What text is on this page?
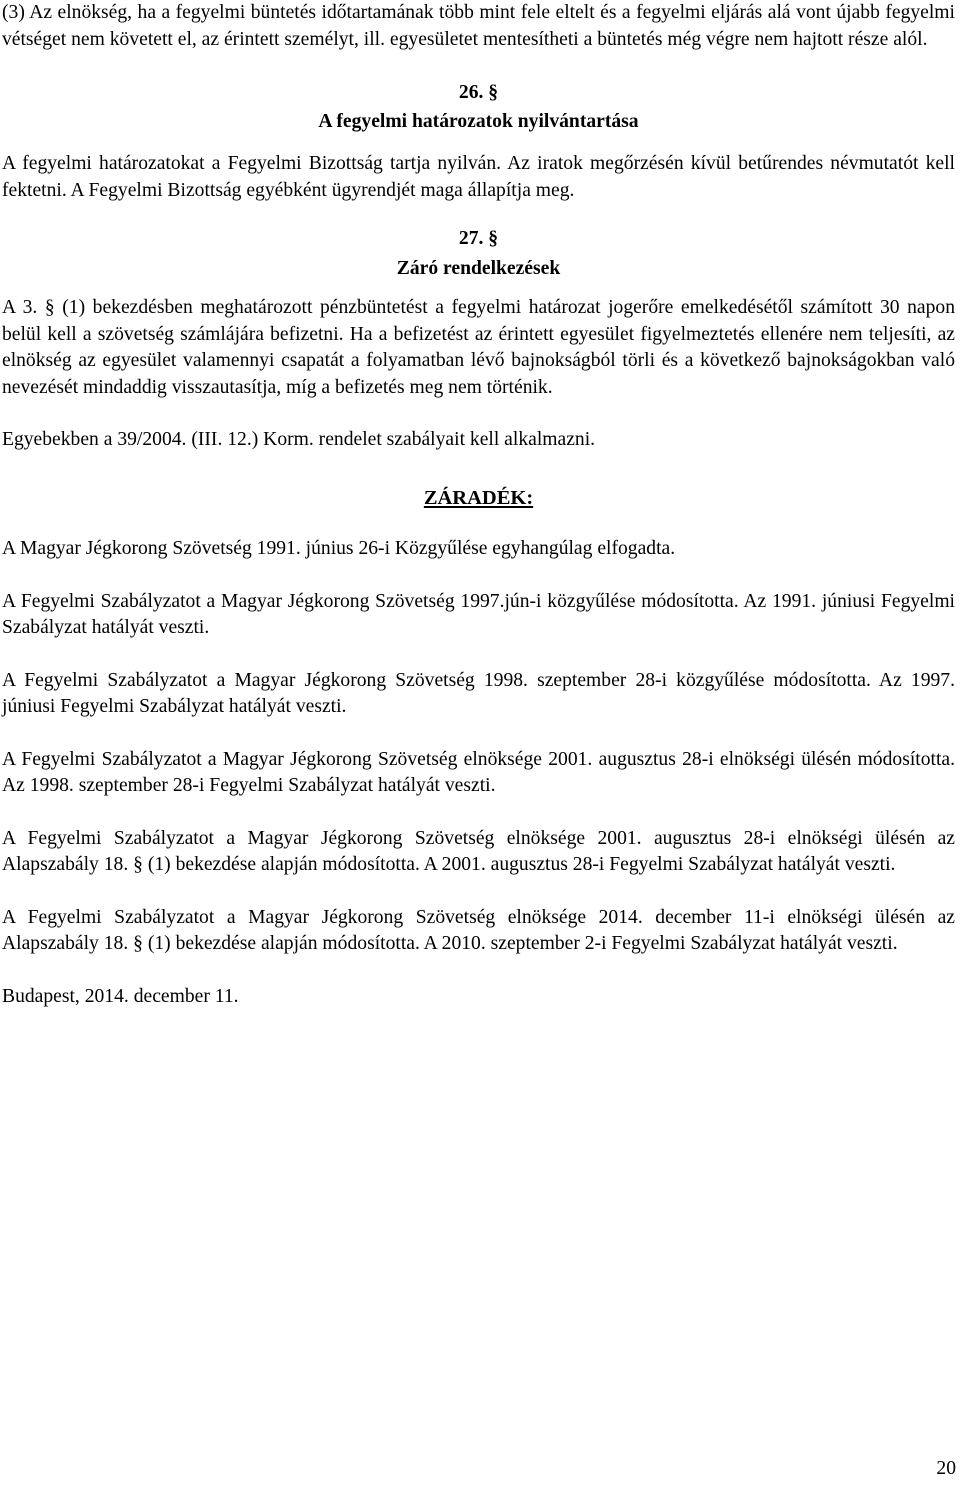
(3) Az elnökség, ha a fegyelmi büntetés időtartamának több mint fele eltelt és a fegyelmi eljárás alá vont újabb fegyelmi vétséget nem követett el, az érintett személyt, ill. egyesületet mentesítheti a büntetés még végre nem hajtott része alól.

26. §

A fegyelmi határozatok nyilvántartása

A fegyelmi határozatokat a Fegyelmi Bizottság tartja nyilván. Az iratok megőrzésén kívül betűrendes névmutatót kell fektetni. A Fegyelmi Bizottság egyébként ügyrendjét maga állapítja meg.

27. §

Záró rendelkezések

A 3. § (1) bekezdésben meghatározott pénzbüntetést a fegyelmi határozat jogerőre emelkedésétől számított 30 napon belül kell a szövetség számlájára befizetni. Ha a befizetést az érintett egyesület figyelmeztetés ellenére nem teljesíti, az elnökség az egyesület valamennyi csapatát a folyamatban lévő bajnokságból törli és a következő bajnokságokban való nevezését mindaddig visszautasítja, míg a befizetés meg nem történik.

Egyebekben a 39/2004. (III. 12.) Korm. rendelet szabályait kell alkalmazni.

ZÁRADÉK:

A Magyar Jégkorong Szövetség 1991. június 26-i Közgyűlése egyhangúlag elfogadta.

A Fegyelmi Szabályzatot a Magyar Jégkorong Szövetség 1997.jún-i közgyűlése módosította. Az 1991. júniusi Fegyelmi Szabályzat hatályát veszti.

A Fegyelmi Szabályzatot a Magyar Jégkorong Szövetség 1998. szeptember 28-i közgyűlése módosította. Az 1997. júniusi Fegyelmi Szabályzat hatályát veszti.

A Fegyelmi Szabályzatot a Magyar Jégkorong Szövetség elnöksége 2001. augusztus 28-i elnökségi ülésén módosította. Az 1998. szeptember 28-i Fegyelmi Szabályzat hatályát veszti.

A Fegyelmi Szabályzatot a Magyar Jégkorong Szövetség elnöksége 2001. augusztus 28-i elnökségi ülésén az Alapszabály 18. § (1) bekezdése alapján módosította. A 2001. augusztus 28-i Fegyelmi Szabályzat hatályát veszti.

A Fegyelmi Szabályzatot a Magyar Jégkorong Szövetség elnöksége 2014. december 11-i elnökségi ülésén az Alapszabály 18. § (1) bekezdése alapján módosította. A 2010. szeptember 2-i Fegyelmi Szabályzat hatályát veszti.

Budapest, 2014. december 11.

20
